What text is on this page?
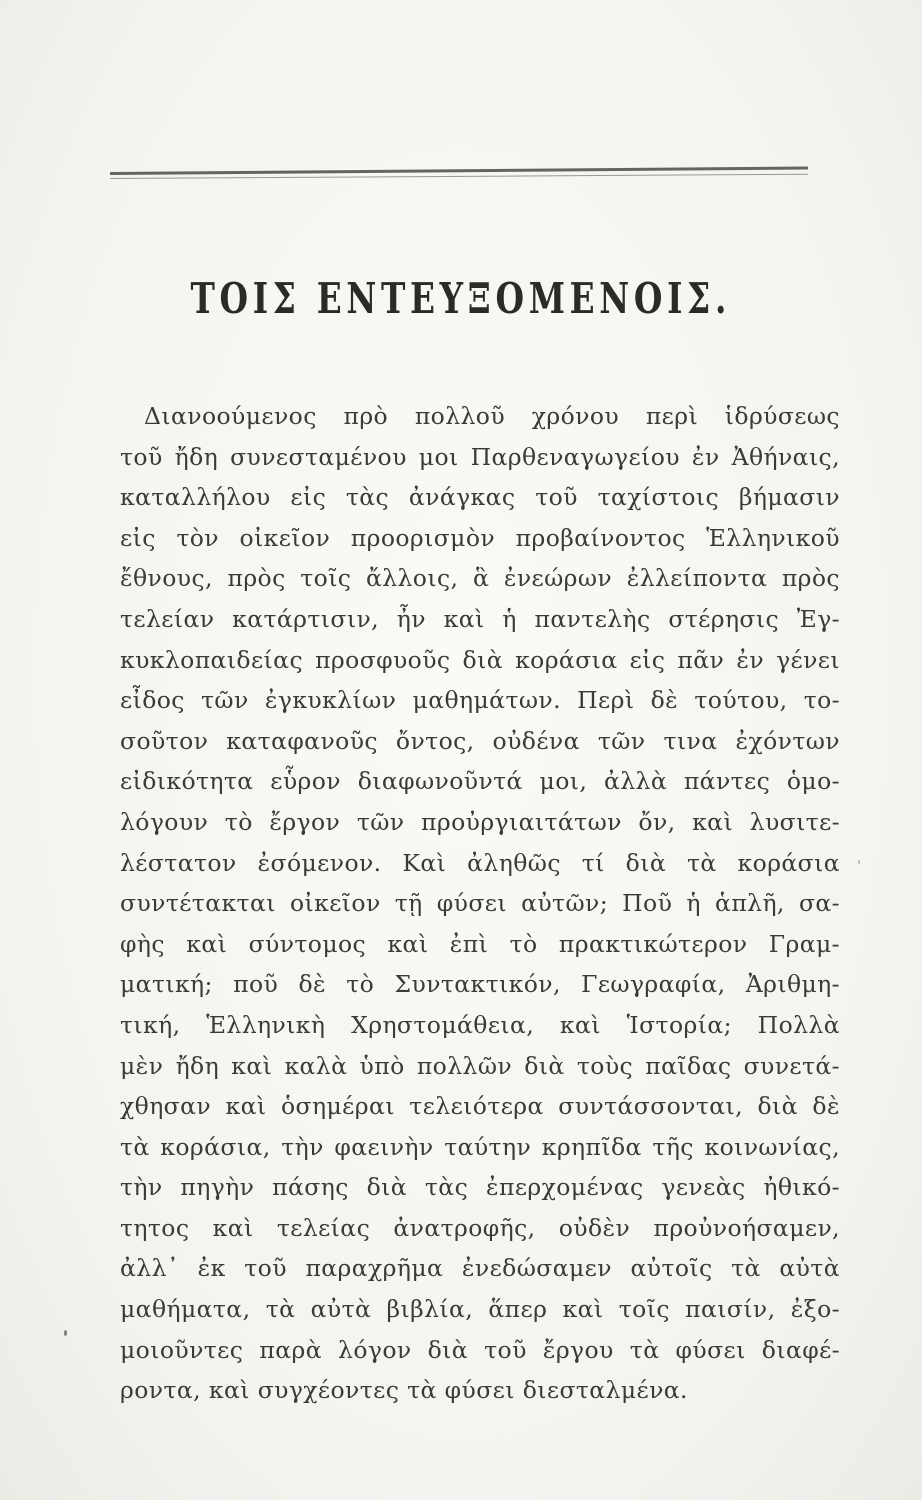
ΤΟΙΣ ΕΝΤΕΥΞΟΜΕΝΟΙΣ.
Διανοούμενος πρὸ πολλοῦ χρόνου περὶ ἱδρύσεως
τοῦ ἤδη συνεσταμένου μοι Παρθεναγωγείου ἐν Ἀθήναις,
καταλλήλου εἰς τὰς ἀνάγκας τοῦ ταχίστοις βήμασιν
εἰς τὸν οἰκεῖον προορισμὸν προβαίνοντος Ἑλληνικοῦ
ἔθνους, πρὸς τοῖς ἄλλοις, ἃ ἐνεώρων ἐλλείποντα πρὸς
τελείαν κατάρτισιν, ἦν καὶ ἡ παντελὴς στέρησις Ἐγ-
κυκλοπαιδείας προσφυοῦς διὰ κοράσια εἰς πᾶν ἐν γένει
εἶδος τῶν ἐγκυκλίων μαθημάτων. Περὶ δὲ τούτου, το-
σοῦτον καταφανοῦς ὄντος, οὐδένα τῶν τινα ἐχόντων
εἰδικότητα εὗρον διαφωνοῦντά μοι, ἀλλὰ πάντες ὁμο-
λόγουν τὸ ἔργον τῶν προὐργιαιτάτων ὄν, καὶ λυσιτε-
λέστατον ἐσόμενον. Καὶ ἀληθῶς τί διὰ τὰ κοράσια
συντέτακται οἰκεῖον τῇ φύσει αὐτῶν; Ποῦ ἡ ἁπλῆ, σα-
φὴς καὶ σύντομος καὶ ἐπὶ τὸ πρακτικώτερον Γραμ-
ματική; ποῦ δὲ τὸ Συντακτικόν, Γεωγραφία, Ἀριθμη-
τική, Ἑλληνικὴ Χρηστομάθεια, καὶ Ἱστορία; Πολλὰ
μὲν ἤδη καὶ καλὰ ὑπὸ πολλῶν διὰ τοὺς παῖδας συνετά-
χθησαν καὶ ὁσημέραι τελειότερα συντάσσονται, διὰ δὲ
τὰ κοράσια, τὴν φαεινὴν ταύτην κρηπῖδα τῆς κοινωνίας,
τὴν πηγὴν πάσης διὰ τὰς ἐπερχομένας γενεὰς ἠθικό-
τητος καὶ τελείας ἀνατροφῆς, οὐδὲν προὐνοήσαμεν,
ἀλλ᾽ ἐκ τοῦ παραχρῆμα ἐνεδώσαμεν αὐτοῖς τὰ αὐτὰ
μαθήματα, τὰ αὐτὰ βιβλία, ἅπερ καὶ τοῖς παισίν, ἐξο-
μοιοῦντες παρὰ λόγον διὰ τοῦ ἔργου τὰ φύσει διαφέ-
ροντα, καὶ συγχέοντες τὰ φύσει διεσταλμένα.
